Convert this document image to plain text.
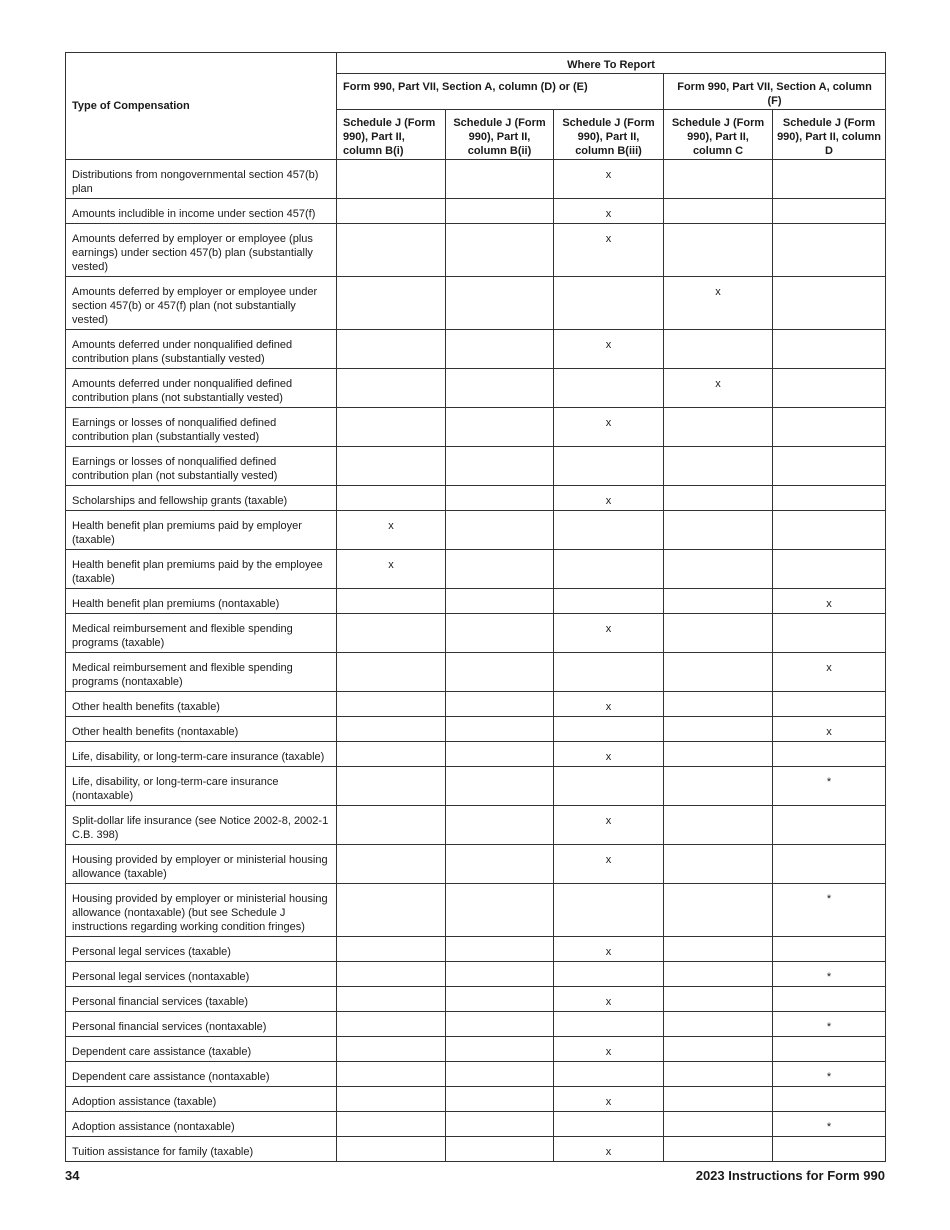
Type of Compensation	Where To Report				
	Form 990, Part VII, Section A, column (D) or (E)			Form 990, Part VII, Section A, column (F)	
	Schedule J (Form 990), Part II, column B(i)	Schedule J (Form 990), Part II, column B(ii)	Schedule J (Form 990), Part II, column B(iii)	Schedule J (Form 990), Part II, column C	Schedule J (Form 990), Part II, column D
Distributions from nongovernmental section 457(b) plan			x		
Amounts includible in income under section 457(f)			x		
Amounts deferred by employer or employee (plus earnings) under section 457(b) plan (substantially vested)			x		
Amounts deferred by employer or employee under section 457(b) or 457(f) plan (not substantially vested)				x	
Amounts deferred under nonqualified defined contribution plans (substantially vested)			x		
Amounts deferred under nonqualified defined contribution plans (not substantially vested)				x	
Earnings or losses of nonqualified defined contribution plan (substantially vested)			x		
Earnings or losses of nonqualified defined contribution plan (not substantially vested)					
Scholarships and fellowship grants (taxable)			x		
Health benefit plan premiums paid by employer (taxable)	x				
Health benefit plan premiums paid by the employee (taxable)	x				
Health benefit plan premiums (nontaxable)					x
Medical reimbursement and flexible spending programs (taxable)			x		
Medical reimbursement and flexible spending programs (nontaxable)					x
Other health benefits (taxable)			x		
Other health benefits (nontaxable)					x
Life, disability, or long-term-care insurance (taxable)			x		
Life, disability, or long-term-care insurance (nontaxable)					*
Split-dollar life insurance (see Notice 2002-8, 2002-1 C.B. 398)			x		
Housing provided by employer or ministerial housing allowance (taxable)			x		
Housing provided by employer or ministerial housing allowance (nontaxable) (but see Schedule J instructions regarding working condition fringes)					*
Personal legal services (taxable)			x		
Personal legal services (nontaxable)					*
Personal financial services (taxable)			x		
Personal financial services (nontaxable)					*
Dependent care assistance (taxable)			x		
Dependent care assistance (nontaxable)					*
Adoption assistance (taxable)			x		
Adoption assistance (nontaxable)					*
Tuition assistance for family (taxable)			x		
34	2023 Instructions for Form 990
